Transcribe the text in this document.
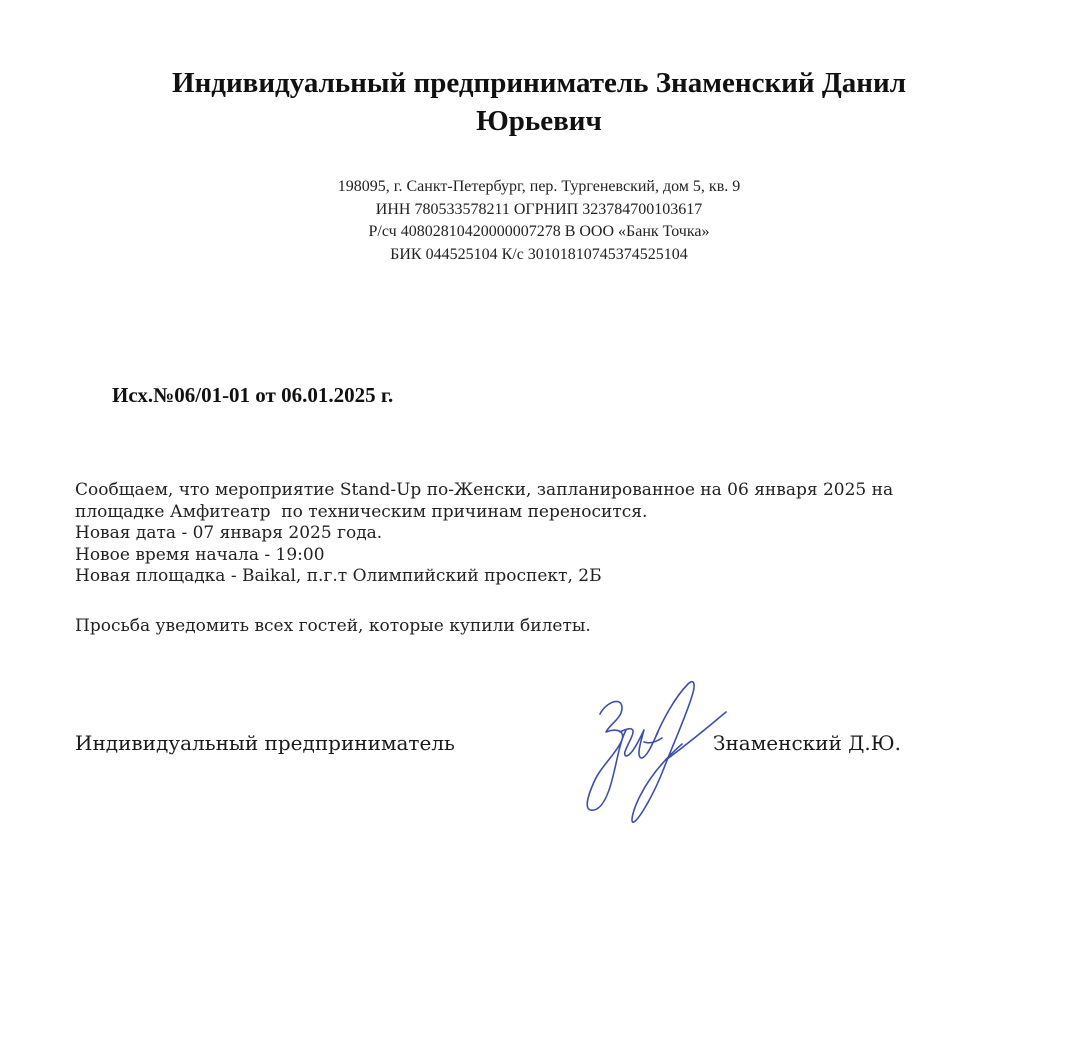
Индивидуальный предприниматель Знаменский Данил
Юрьевич
198095, г. Санкт-Петербург, пер. Тургеневский, дом 5, кв. 9
ИНН 780533578211 ОГРНИП 323784700103617
Р/сч 40802810420000007278 В ООО «Банк Точка»
БИК 044525104 К/с 30101810745374525104
Исх.№06/01-01 от 06.01.2025 г.
Сообщаем, что мероприятие Stand-Up по-Женски, запланированное на 06 января 2025 на
площадке Амфитеатр  по техническим причинам переносится.
Новая дата - 07 января 2025 года.
Новое время начала - 19:00
Новая площадка - Baikal, п.г.т Олимпийский проспект, 2Б
Просьба уведомить всех гостей, которые купили билеты.
Индивидуальный предприниматель	Знаменский Д.Ю.
